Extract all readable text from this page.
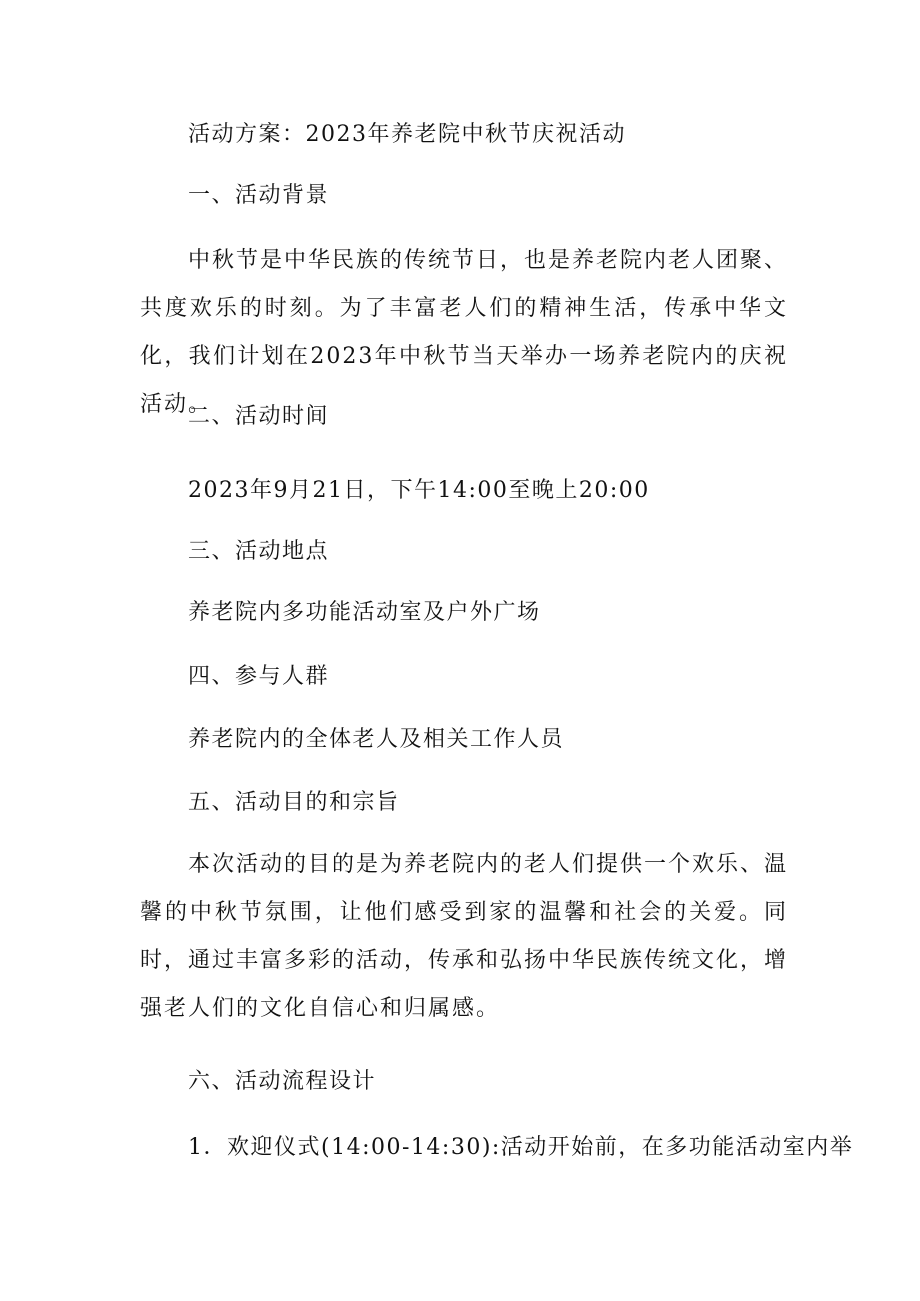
活动方案：2023年养老院中秋节庆祝活动

一、活动背景

中秋节是中华民族的传统节日，也是养老院内老人团聚、共度欢乐的时刻。为了丰富老人们的精神生活，传承中华文化，我们计划在2023年中秋节当天举办一场养老院内的庆祝活动。

二、活动时间

2023年9月21日，下午14:00至晚上20:00

三、活动地点

养老院内多功能活动室及户外广场

四、参与人群

养老院内的全体老人及相关工作人员

五、活动目的和宗旨

本次活动的目的是为养老院内的老人们提供一个欢乐、温馨的中秋节氛围，让他们感受到家的温馨和社会的关爱。同时，通过丰富多彩的活动，传承和弘扬中华民族传统文化，增强老人们的文化自信心和归属感。

六、活动流程设计

1．欢迎仪式(14:00-14:30):活动开始前，在多功能活动室内举
